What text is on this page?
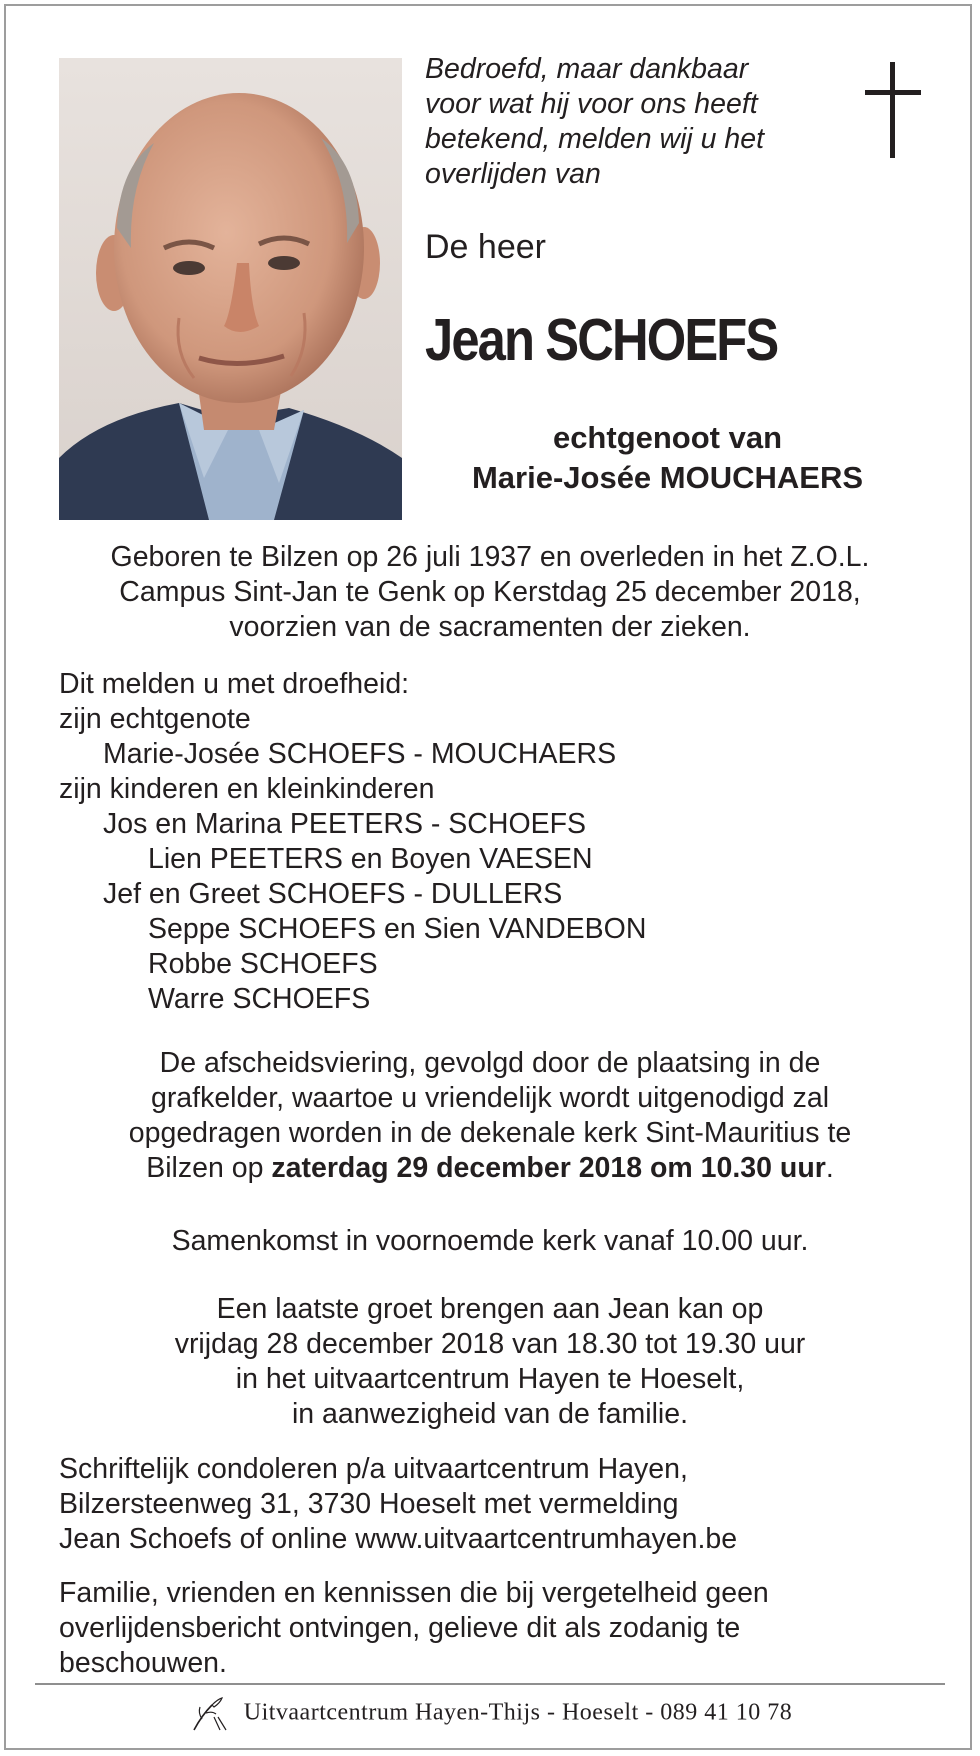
Bedroefd, maar dankbaar
voor wat hij voor ons heeft
betekend, melden wij u het
overlijden van
De heer
Jean SCHOEFS
echtgenoot van
Marie-Josée MOUCHAERS
Geboren te Bilzen op 26 juli 1937 en overleden in het Z.O.L.
Campus Sint-Jan te Genk op Kerstdag 25 december 2018,
voorzien van de sacramenten der zieken.
Dit melden u met droefheid:
zijn echtgenote
Marie-Josée SCHOEFS - MOUCHAERS
zijn kinderen en kleinkinderen
Jos en Marina PEETERS - SCHOEFS
Lien PEETERS en Boyen VAESEN
Jef en Greet SCHOEFS - DULLERS
Seppe SCHOEFS en Sien VANDEBON
Robbe SCHOEFS
Warre SCHOEFS
De afscheidsviering, gevolgd door de plaatsing in de
grafkelder, waartoe u vriendelijk wordt uitgenodigd zal
opgedragen worden in de dekenale kerk Sint-Mauritius te
Bilzen op zaterdag 29 december 2018 om 10.30 uur.
Samenkomst in voornoemde kerk vanaf 10.00 uur.
Een laatste groet brengen aan Jean kan op
vrijdag 28 december 2018 van 18.30 tot 19.30 uur
in het uitvaartcentrum Hayen te Hoeselt,
in aanwezigheid van de familie.
Schriftelijk condoleren p/a uitvaartcentrum Hayen,
Bilzersteenweg 31, 3730 Hoeselt met vermelding
Jean Schoefs of online www.uitvaartcentrumhayen.be
Familie, vrienden en kennissen die bij vergetelheid geen
overlijdensbericht ontvingen, gelieve dit als zodanig te
beschouwen.
Uitvaartcentrum Hayen-Thijs - Hoeselt - 089 41 10 78
